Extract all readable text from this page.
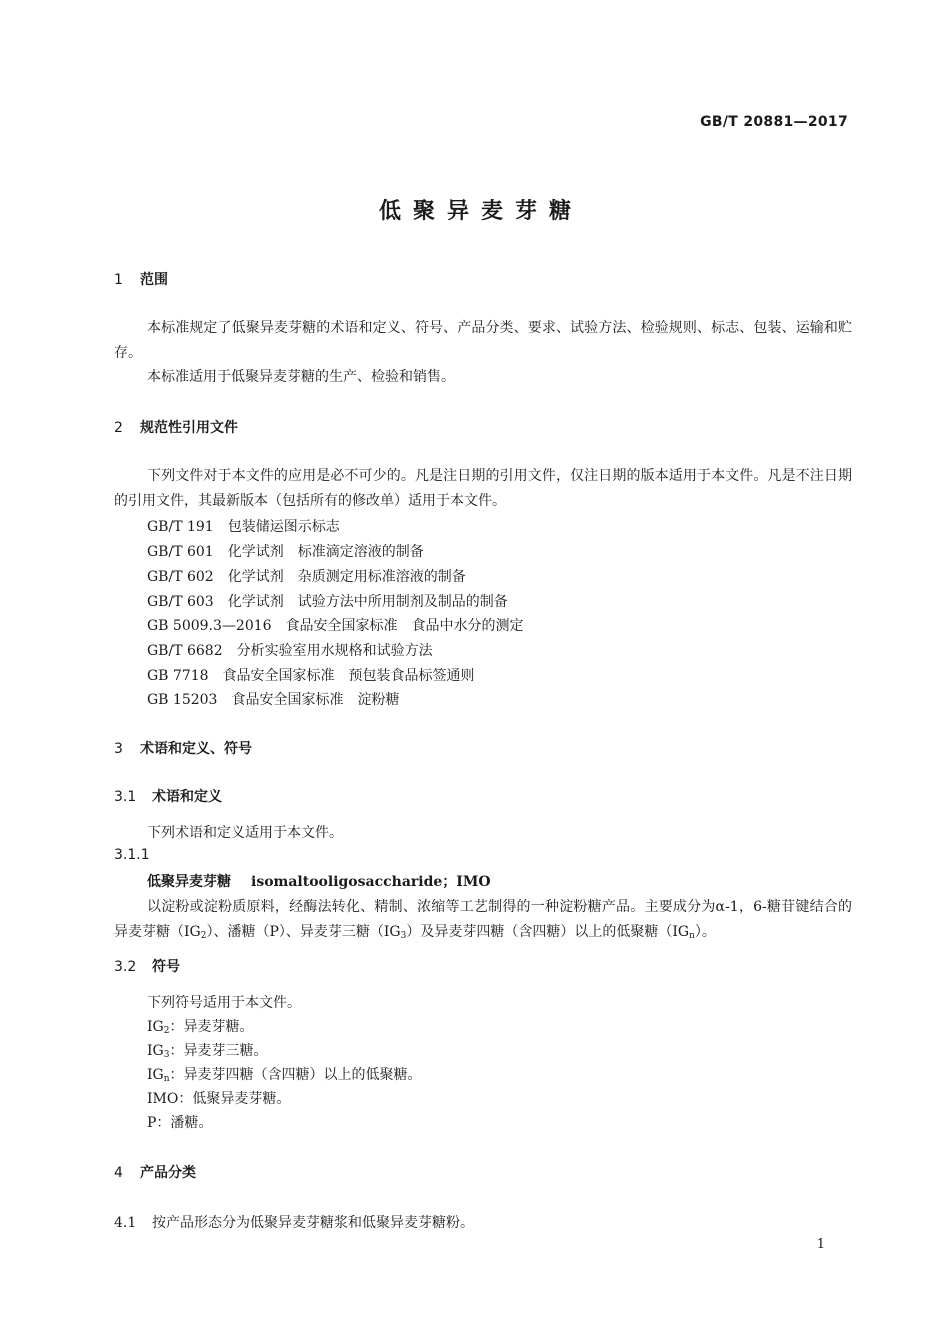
GB/T 20881—2017
低聚异麦芽糖
1 范围
本标准规定了低聚异麦芽糖的术语和定义、符号、产品分类、要求、试验方法、检验规则、标志、包装、运输和贮存。
本标准适用于低聚异麦芽糖的生产、检验和销售。
2 规范性引用文件
下列文件对于本文件的应用是必不可少的。凡是注日期的引用文件，仅注日期的版本适用于本文件。凡是不注日期的引用文件，其最新版本（包括所有的修改单）适用于本文件。
GB/T 191 包装储运图示标志
GB/T 601 化学试剂　标准滴定溶液的制备
GB/T 602 化学试剂　杂质测定用标准溶液的制备
GB/T 603 化学试剂　试验方法中所用制剂及制品的制备
GB 5009.3—2016 食品安全国家标准　食品中水分的测定
GB/T 6682 分析实验室用水规格和试验方法
GB 7718 食品安全国家标准　预包装食品标签通则
GB 15203 食品安全国家标准　淀粉糖
3 术语和定义、符号
3.1 术语和定义
下列术语和定义适用于本文件。
3.1.1
低聚异麦芽糖 isomaltooligosaccharide；IMO
以淀粉或淀粉质原料，经酶法转化、精制、浓缩等工艺制得的一种淀粉糖产品。主要成分为α-1，6-糖苷键结合的异麦芽糖$(IG_2)$、潘糖（P）、异麦芽三糖$(IG_3)$及异麦芽四糖（含四糖）以上的低聚糖$(IG_n)$。
3.2 符号
下列符号适用于本文件。
$IG_2$：异麦芽糖。
$IG_3$：异麦芽三糖。
$IG_n$：异麦芽四糖（含四糖）以上的低聚糖。
IMO：低聚异麦芽糖。
P：潘糖。
4 产品分类
4.1 按产品形态分为低聚异麦芽糖浆和低聚异麦芽糖粉。
1
